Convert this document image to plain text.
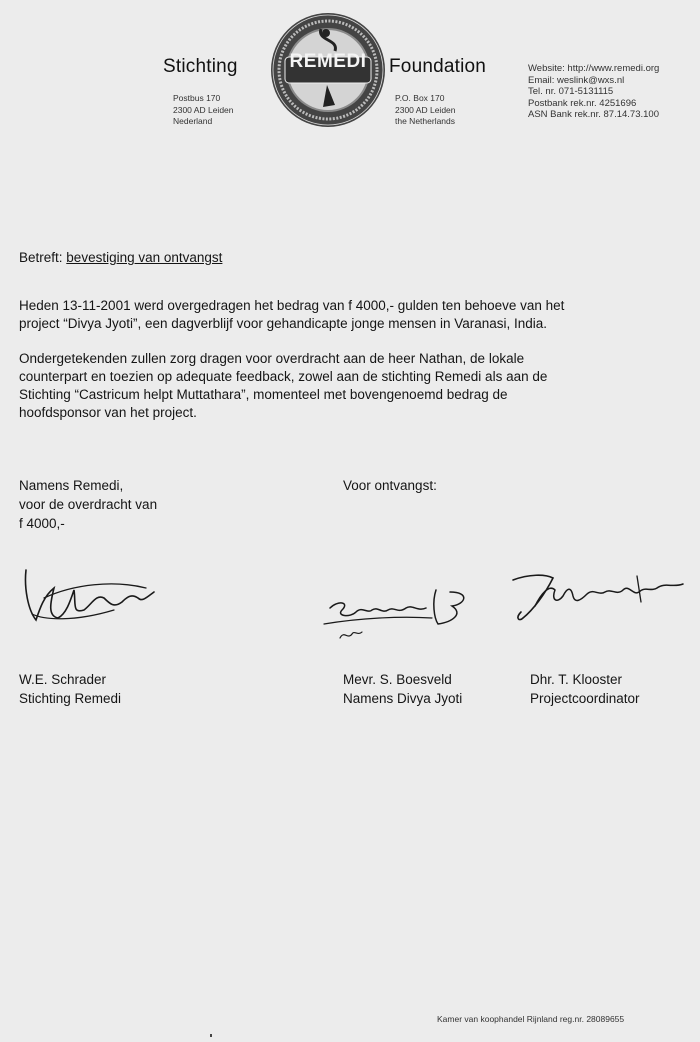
Stichting	Foundation
REMEDI
Postbus 170
2300 AD Leiden
Nederland
P.O. Box 170
2300 AD Leiden
the Netherlands
Website: http://www.remedi.org
Email: weslink@wxs.nl
Tel. nr. 071-5131115
Postbank rek.nr. 4251696
ASN Bank rek.nr. 87.14.73.100
Betreft: bevestiging van ontvangst
Heden 13-11-2001 werd overgedragen het bedrag van f 4000,- gulden ten behoeve van het
project “Divya Jyoti”, een dagverblijf voor gehandicapte jonge mensen in Varanasi, India.
Ondergetekenden zullen zorg dragen voor overdracht aan de heer Nathan, de lokale
counterpart en toezien op adequate feedback, zowel aan de stichting Remedi als aan de
Stichting “Castricum helpt Muttathara”, momenteel met bovengenoemd bedrag de
hoofdsponsor van het project.
Namens Remedi,
voor de overdracht van
f 4000,-
Voor ontvangst:
W.E. Schrader
Stichting Remedi
Mevr. S. Boesveld
Namens Divya Jyoti
Dhr. T. Klooster
Projectcoordinator
Kamer van koophandel Rijnland reg.nr. 28089655
